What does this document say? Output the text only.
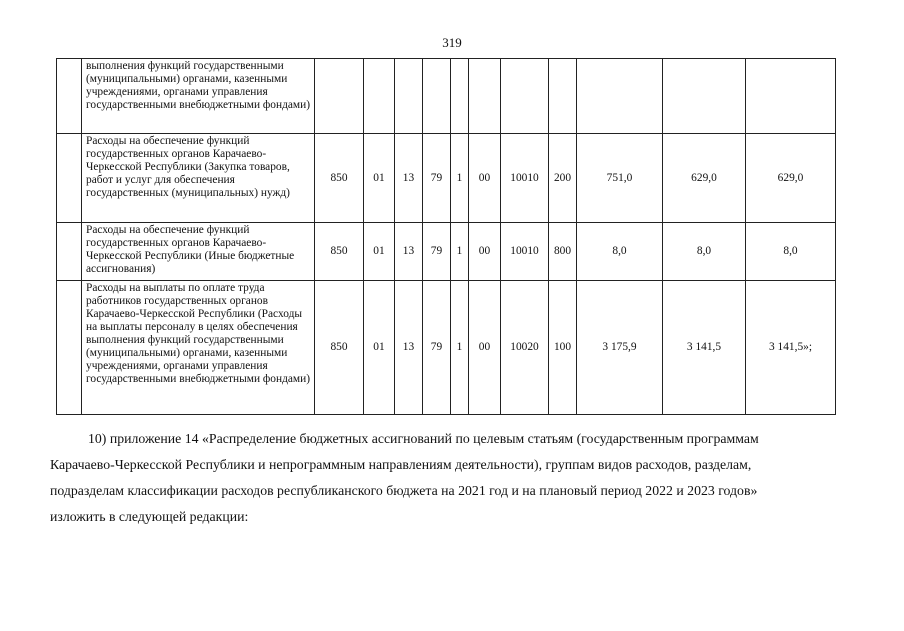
319
	выполнения функций государственными (муниципальными) органами, казенными учреждениями, органами управления государственными внебюджетными фондами)											
	Расходы на обеспечение функций государственных органов Карачаево-Черкесской Республики (Закупка товаров, работ и услуг для обеспечения государственных (муниципальных) нужд)	850	01	13	79	1	00	10010	200	751,0	629,0	629,0
	Расходы на обеспечение функций государственных органов Карачаево-Черкесской Республики (Иные бюджетные ассигнования)	850	01	13	79	1	00	10010	800	8,0	8,0	8,0
	Расходы на выплаты по оплате труда работников государственных органов Карачаево-Черкесской Республики (Расходы на выплаты персоналу в целях обеспечения выполнения функций государственными (муниципальными) органами, казенными учреждениями, органами управления государственными внебюджетными фондами)	850	01	13	79	1	00	10020	100	3 175,9	3 141,5	3 141,5»;
10) приложение 14 «Распределение бюджетных ассигнований по целевым статьям (государственным программам
Карачаево-Черкесской Республики и непрограммным направлениям деятельности), группам видов расходов, разделам,
подразделам классификации расходов республиканского бюджета на 2021 год и на плановый период 2022 и 2023 годов»
изложить в следующей редакции:
